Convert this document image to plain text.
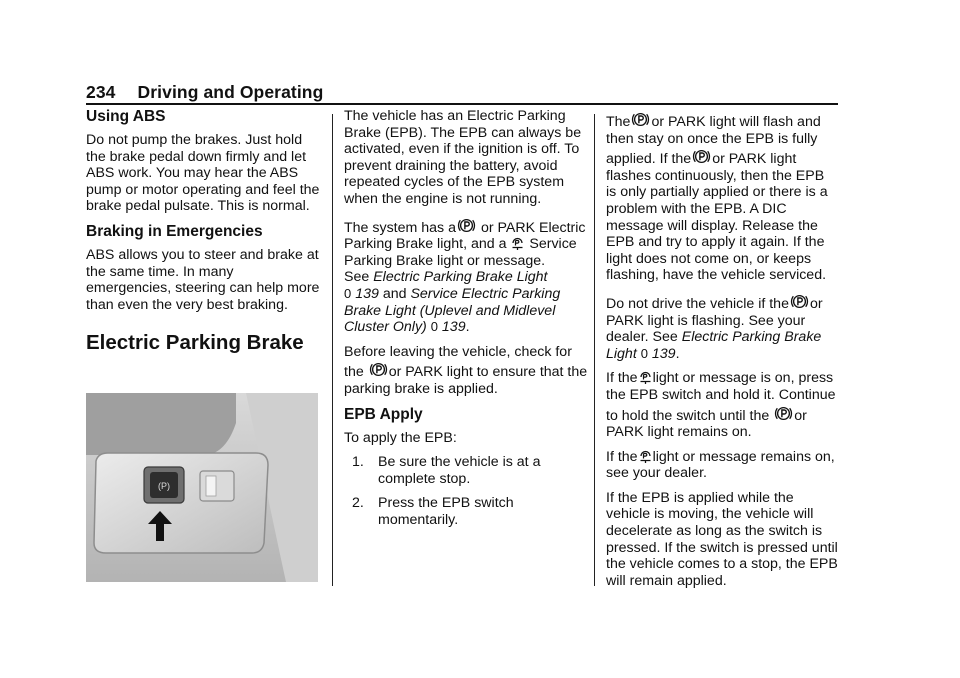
234 Driving and Operating
Using ABS

Do not pump the brakes. Just hold the brake pedal down firmly and let ABS work. You may hear the ABS pump or motor operating and feel the brake pedal pulsate. This is normal.

Braking in Emergencies

ABS allows you to steer and brake at the same time. In many emergencies, steering can help more than even the very best braking.

Electric Parking Brake
(P)

The vehicle has an Electric Parking Brake (EPB). The EPB can always be activated, even if the ignition is off. To prevent draining the battery, avoid repeated cycles of the EPB system when the engine is not running.

The system has a or PARK Electric Parking Brake light, and a Service Parking Brake light or message.
See Electric Parking Brake Light
0 139 and Service Electric Parking Brake Light (Uplevel and Midlevel Cluster Only) 0 139.

Before leaving the vehicle, check for the or PARK light to ensure that the parking brake is applied.

EPB Apply

To apply the EPB:

1. Be sure the vehicle is at a complete stop.
2. Press the EPB switch momentarily.

The or PARK light will flash and then stay on once the EPB is fully applied. If the or PARK light flashes continuously, then the EPB is only partially applied or there is a problem with the EPB. A DIC message will display. Release the EPB and try to apply it again. If the light does not come on, or keeps flashing, have the vehicle serviced.

Do not drive the vehicle if the or PARK light is flashing. See your dealer. See Electric Parking Brake Light 0 139.

If the light or message is on, press the EPB switch and hold it. Continue to hold the switch until the or PARK light remains on.

If the light or message remains on, see your dealer.

If the EPB is applied while the vehicle is moving, the vehicle will decelerate as long as the switch is pressed. If the switch is pressed until the vehicle comes to a stop, the EPB will remain applied.
